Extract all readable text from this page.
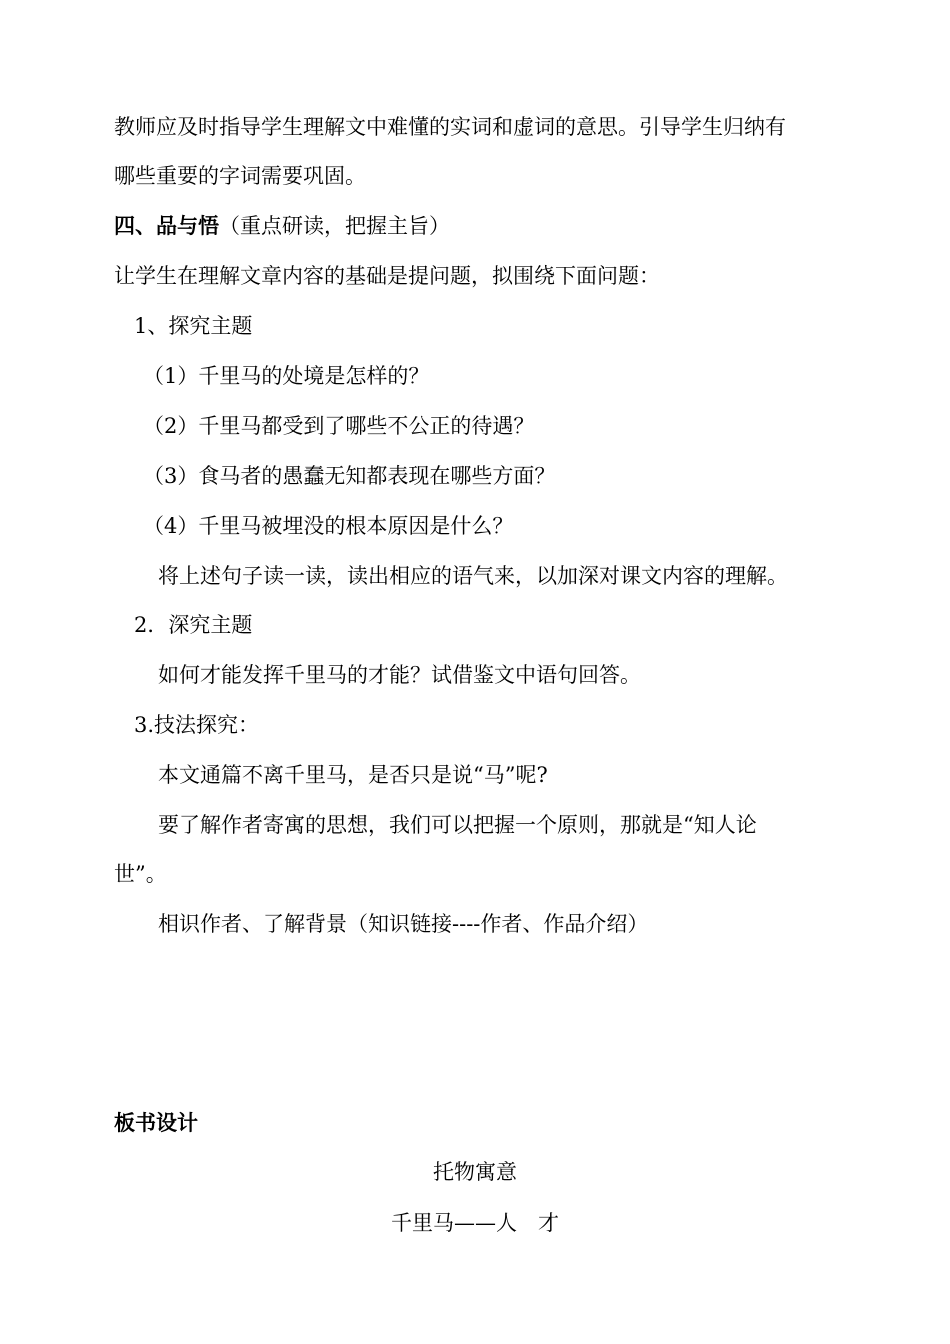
教师应及时指导学生理解文中难懂的实词和虚词的意思。引导学生归纳有
哪些重要的字词需要巩固。
四、品与悟（重点研读，把握主旨）
让学生在理解文章内容的基础是提问题，拟围绕下面问题：
1、探究主题
（1）千里马的处境是怎样的？
（2）千里马都受到了哪些不公正的待遇？
（3）食马者的愚蠢无知都表现在哪些方面？
（4）千里马被埋没的根本原因是什么？
将上述句子读一读，读出相应的语气来，以加深对课文内容的理解。
2．深究主题
如何才能发挥千里马的才能？试借鉴文中语句回答。
3.技法探究：
本文通篇不离千里马，是否只是说“马”呢?
要了解作者寄寓的思想，我们可以把握一个原则，那就是“知人论
世”。
相识作者、了解背景（知识链接----作者、作品介绍）
板书设计
托物寓意
千里马——人　才
